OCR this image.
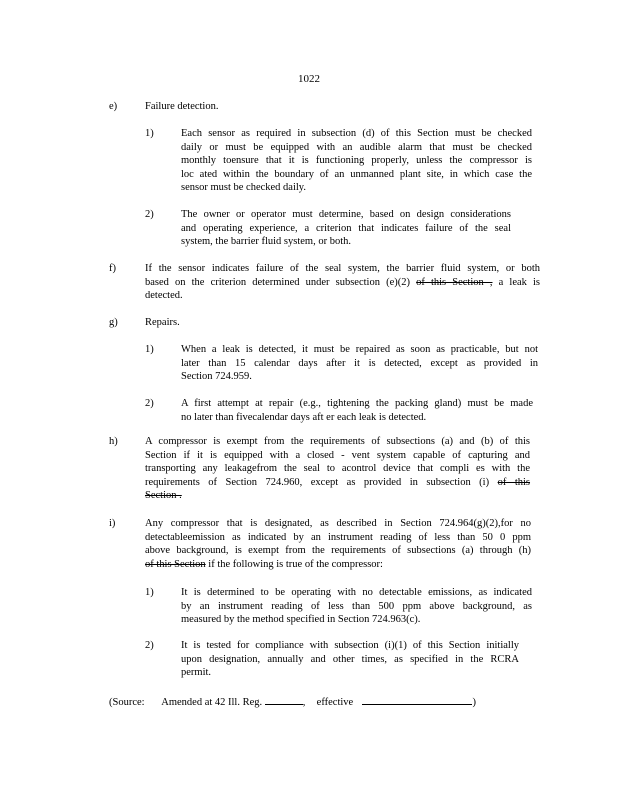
1022
e)	Failure detection.
1)	Each sensor as required in subsection (d) of this Section must be checked
daily or must be equipped with an audible alarm that must be checked
monthly toensure that it is functioning properly, unless the compressor is
loc ated within the boundary of an unmanned plant site, in which case the
sensor must be checked daily.
2)	The owner or operator must determine, based on design considerations
and operating experience, a criterion that indicates failure of the seal
system, the barrier fluid system, or both.
f)	If the sensor indicates failure of the seal system, the barrier fluid system, or both
based on the criterion determined under subsection (e)(2) of this Section , a leak is
detected.
g)	Repairs.
1)	When a leak is detected, it must be repaired as soon as practicable, but not
later than 15 calendar days after it is detected, except as provided in
Section 724.959.
2)	A first attempt at repair (e.g., tightening the packing gland) must be made
no later than fivecalendar days aft er each leak is detected.
h)	A compressor is exempt from the requirements of subsections (a) and (b) of this
Section if it is equipped with a closed - vent system capable of capturing and
transporting any leakagefrom the seal to acontrol device that compli es with the
requirements of Section 724.960, except as provided in subsection (i) of this
Section .
i)	Any compressor that is designated, as described in Section 724.964(g)(2),for no
detectableemission as indicated by an instrument reading of less than 50 0 ppm
above background, is exempt from the requirements of subsections (a) through (h)
of this Section if the following is true of the compressor:
1)	It is determined to be operating with no detectable emissions, as indicated
by an instrument reading of less than 500 ppm above background, as
measured by the method specified in Section 724.963(c).
2)	It is tested for compliance with subsection (i)(1) of this Section initially
upon designation, annually and other times, as specified in the RCRA
permit.
(Source: Amended at 42 Ill. Reg.	, effective	)
